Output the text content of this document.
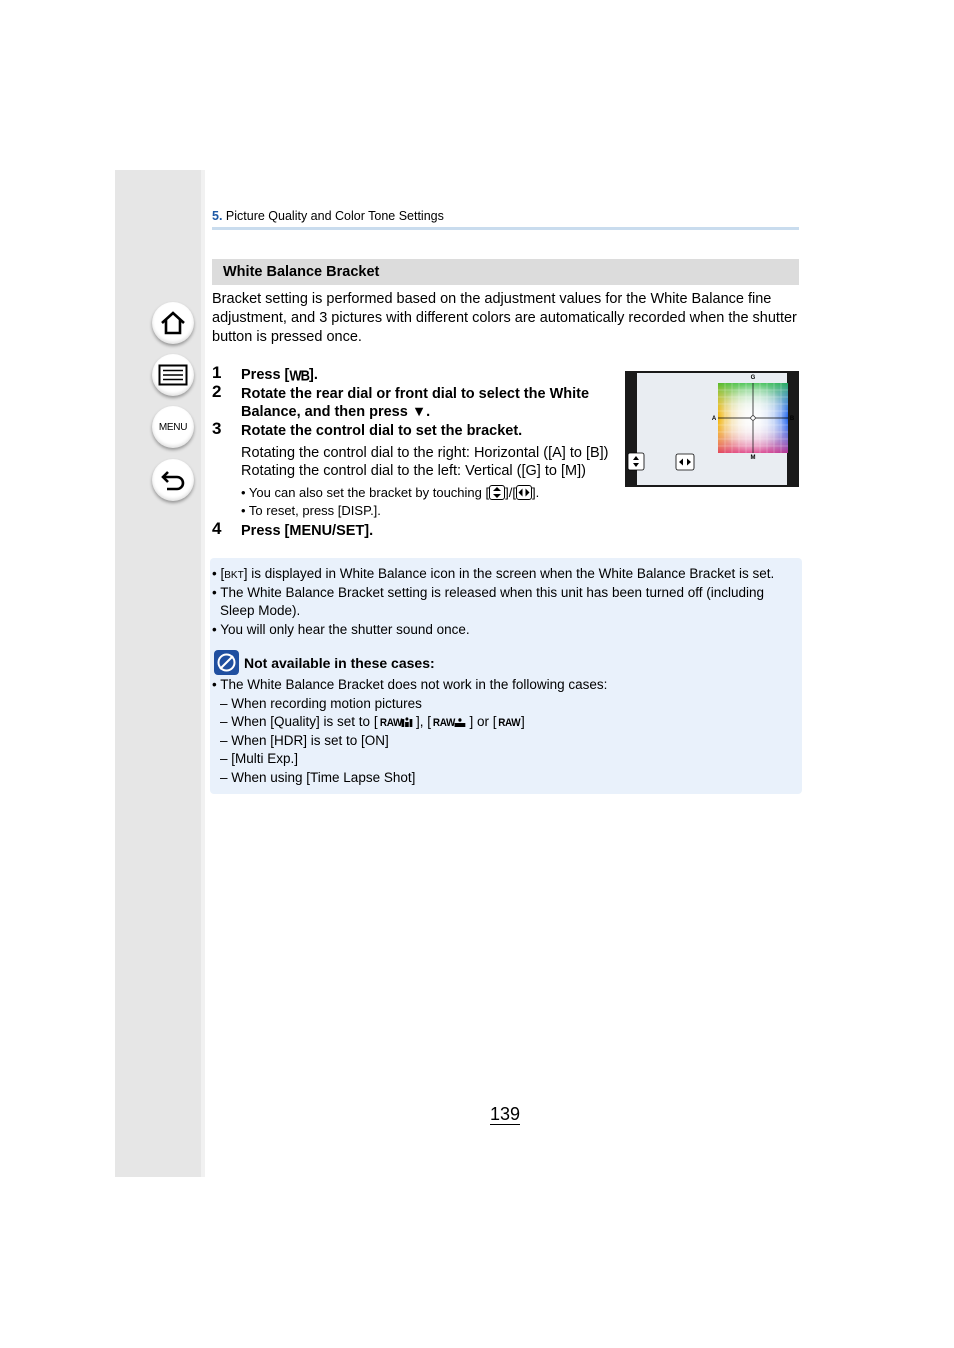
MENU
5. Picture Quality and Color Tone Settings
White Balance Bracket
Bracket setting is performed based on the adjustment values for the White Balance fine adjustment, and 3 pictures with different colors are automatically recorded when the shutter button is pressed once.
1 Press [WB].
2 Rotate the rear dial or front dial to select the White
Balance, and then press ▼.
3 Rotate the control dial to set the bracket.
Rotating the control dial to the right: Horizontal ([A] to [B])
Rotating the control dial to the left: Vertical ([G] to [M])
• You can also set the bracket by touching [ ]/[ ].
• To reset, press [DISP.].
4 Press [MENU/SET].
G
A	B
M
• [BKT] is displayed in White Balance icon in the screen when the White Balance Bracket is set.
• The White Balance Bracket setting is released when this unit has been turned off (including
Sleep Mode).
• You will only hear the shutter sound once.
Not available in these cases:
• The White Balance Bracket does not work in the following cases:
– When recording motion pictures
– When [Quality] is set to [ RAW ], [ RAW ] or [RAW]
– When [HDR] is set to [ON]
– [Multi Exp.]
– When using [Time Lapse Shot]
139
